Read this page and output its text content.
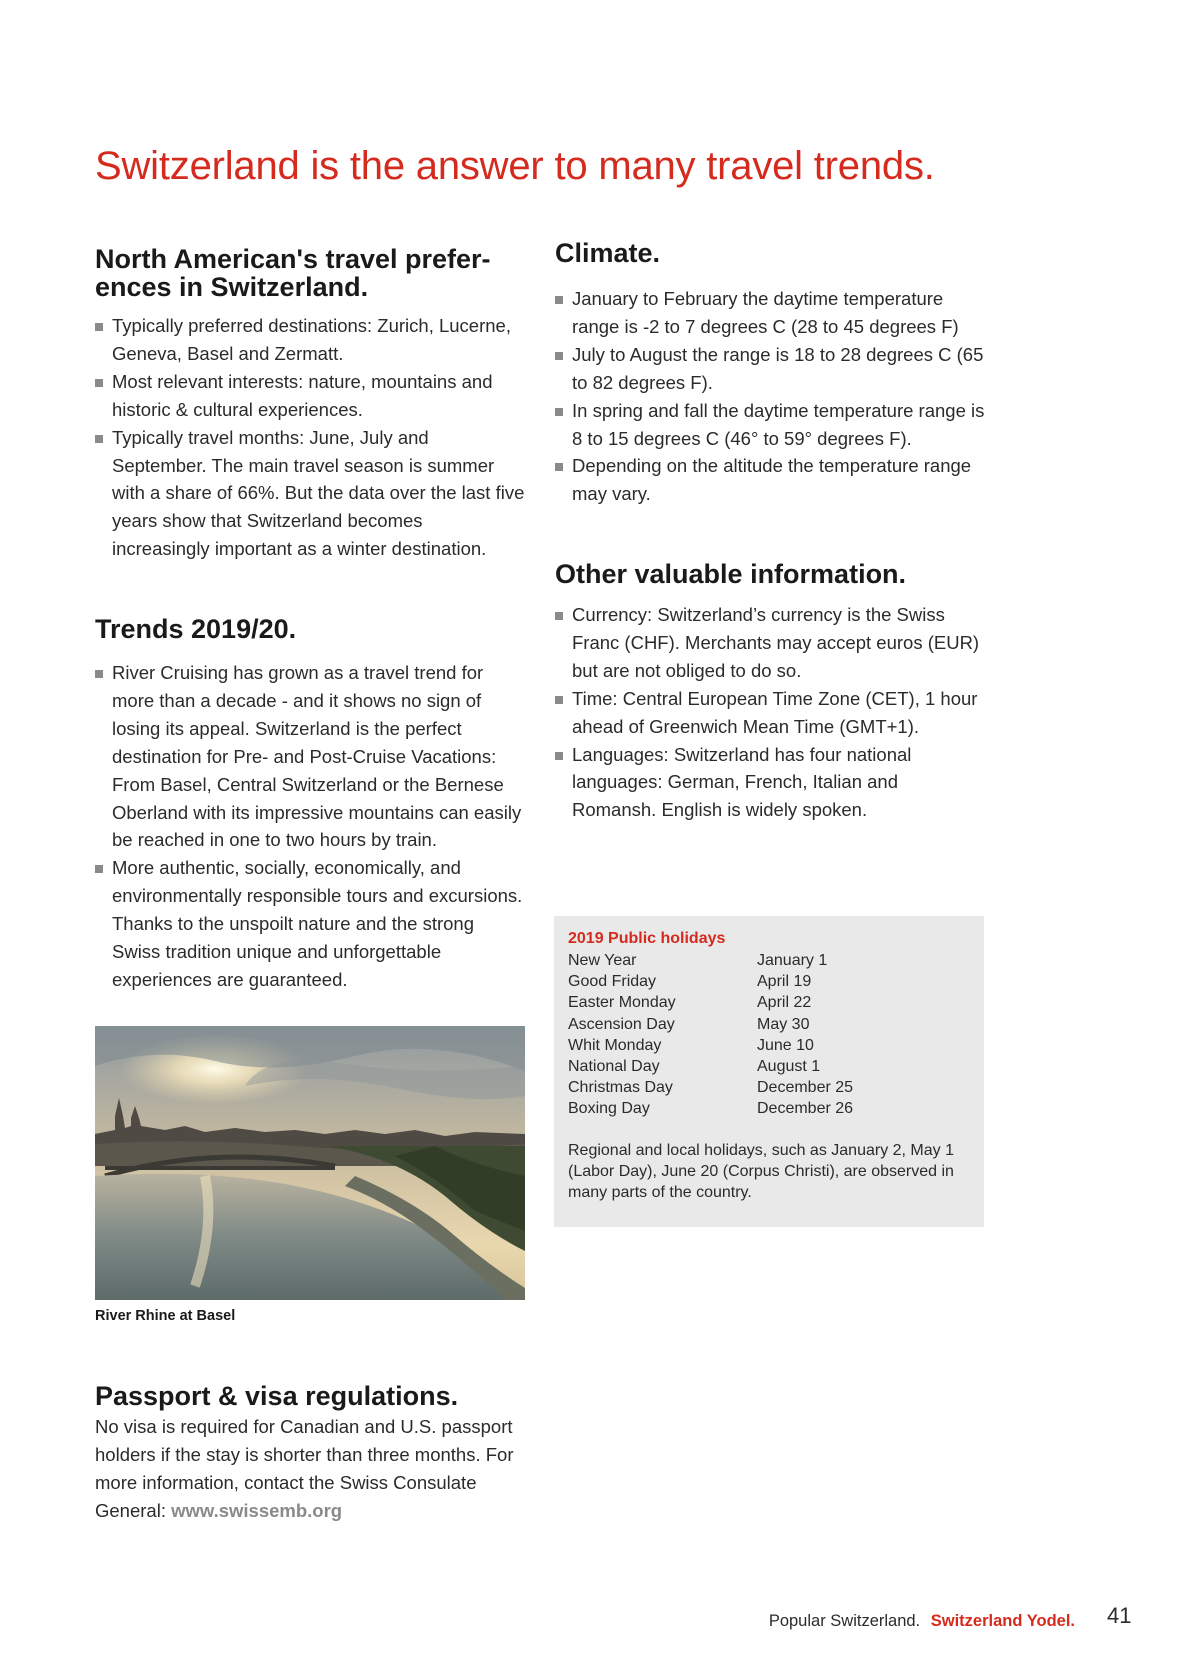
Switzerland is the answer to many travel trends.
North American's travel prefer-
ences in Switzerland.
Typically preferred destinations: Zurich, Lucerne, Geneva, Basel and Zermatt.
Most relevant interests: nature, mountains and historic & cultural experiences.
Typically travel months: June, July and September. The main travel season is summer with a share of 66%. But the data over the last five years show that Switzerland becomes increasingly important as a winter destination.
Trends 2019/20.
River Cruising has grown as a travel trend for more than a decade - and it shows no sign of losing its appeal. Switzerland is the perfect destination for Pre- and Post-Cruise Vacations: From Basel, Central Switzerland or the Bernese Oberland with its impressive mountains can easily be reached in one to two hours by train.
More authentic, socially, economically, and environmentally responsible tours and excursions. Thanks to the unspoilt nature and the strong Swiss tradition unique and unforgettable experiences are guaranteed.

River Rhine at Basel

Passport & visa regulations.

No visa is required for Canadian and U.S. passport holders if the stay is shorter than three months. For more information, contact the Swiss Consulate General: www.swissemb.org

Climate.
January to February the daytime temperature range is -2 to 7 degrees C (28 to 45 degrees F)
July to August the range is 18 to 28 degrees C (65 to 82 degrees F).
In spring and fall the daytime temperature range is 8 to 15 degrees C (46° to 59° degrees F).
Depending on the altitude the temperature range may vary.
Other valuable information.
Currency: Switzerland’s currency is the Swiss Franc (CHF). Merchants may accept euros (EUR) but are not obliged to do so.
Time: Central European Time Zone (CET), 1 hour ahead of Greenwich Mean Time (GMT+1).
Languages: Switzerland has four national languages: German, French, Italian and Romansh. English is widely spoken.

2019 Public holidays

New Year	January 1
Good Friday	April 19
Easter Monday	April 22
Ascension Day	May 30
Whit Monday	June 10
National Day	August 1
Christmas Day	December 25
Boxing Day	December 26

Regional and local holidays, such as January 2, May 1 (Labor Day), June 20 (Corpus Christi), are observed in many parts of the country.

Popular Switzerland. Switzerland Yodel. 41
